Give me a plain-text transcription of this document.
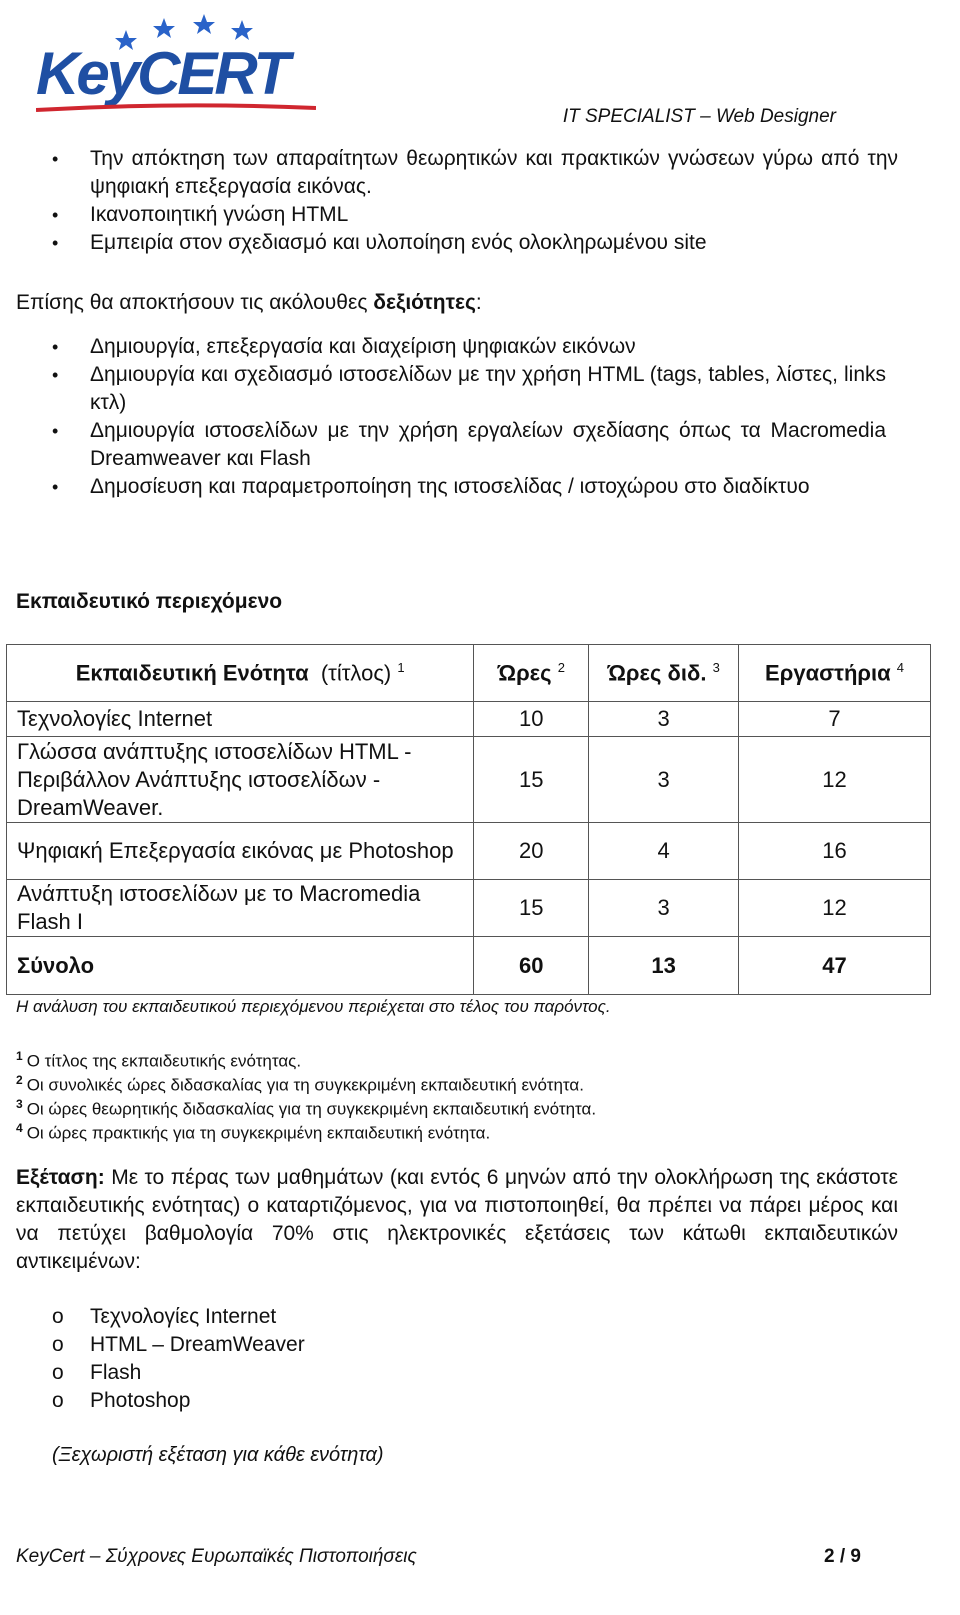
KeyCERT
IT SPECIALIST – Web Designer
• Την απόκτηση των απαραίτητων θεωρητικών και πρακτικών γνώσεων γύρω από την ψηφιακή επεξεργασία εικόνας.
• Ικανοποιητική γνώση HTML
• Εμπειρία στον σχεδιασμό και υλοποίηση ενός ολοκληρωμένου site
Επίσης θα αποκτήσουν τις ακόλουθες δεξιότητες:
• Δημιουργία, επεξεργασία και διαχείριση ψηφιακών εικόνων
• Δημιουργία και σχεδιασμό ιστοσελίδων με την χρήση HTML (tags, tables, λίστες, links κτλ)
• Δημιουργία ιστοσελίδων με την χρήση εργαλείων σχεδίασης όπως τα Macromedia Dreamweaver και Flash
• Δημοσίευση και παραμετροποίηση της ιστοσελίδας / ιστοχώρου στο διαδίκτυο
Εκπαιδευτικό περιεχόμενο
Εκπαιδευτική Ενότητα (τίτλος) $^1$	Ώρες $^2$	Ώρες διδ. $^3$	Εργαστήρια $^4$
Τεχνολογίες Internet	10	3	7
Γλώσσα ανάπτυξης ιστοσελίδων HTML - Περιβάλλον Ανάπτυξης ιστοσελίδων - DreamWeaver.	15	3	12
Ψηφιακή Επεξεργασία εικόνας με Photoshop	20	4	16
Ανάπτυξη ιστοσελίδων με το Macromedia Flash I	15	3	12
Σύνολο	60	13	47
Η ανάλυση του εκπαιδευτικού περιεχόμενου περιέχεται στο τέλος του παρόντος.
$^1$ Ο τίτλος της εκπαιδευτικής ενότητας.
$^2$ Οι συνολικές ώρες διδασκαλίας για τη συγκεκριμένη εκπαιδευτική ενότητα.
$^3$ Οι ώρες θεωρητικής διδασκαλίας για τη συγκεκριμένη εκπαιδευτική ενότητα.
$^4$ Οι ώρες πρακτικής για τη συγκεκριμένη εκπαιδευτική ενότητα.
Εξέταση: Με το πέρας των μαθημάτων (και εντός 6 μηνών από την ολοκλήρωση της εκάστοτε εκπαιδευτικής ενότητας) ο καταρτιζόμενος, για να πιστοποιηθεί, θα πρέπει να πάρει μέρος και να πετύχει βαθμολογία 70% στις ηλεκτρονικές εξετάσεις των κάτωθι εκπαιδευτικών αντικειμένων:
o Τεχνολογίες Internet
o HTML – DreamWeaver
o Flash
o Photoshop
(Ξεχωριστή εξέταση για κάθε ενότητα)
KeyCert – Σύχρονες Ευρωπαϊκές Πιστοποιήσεις	2 / 9
